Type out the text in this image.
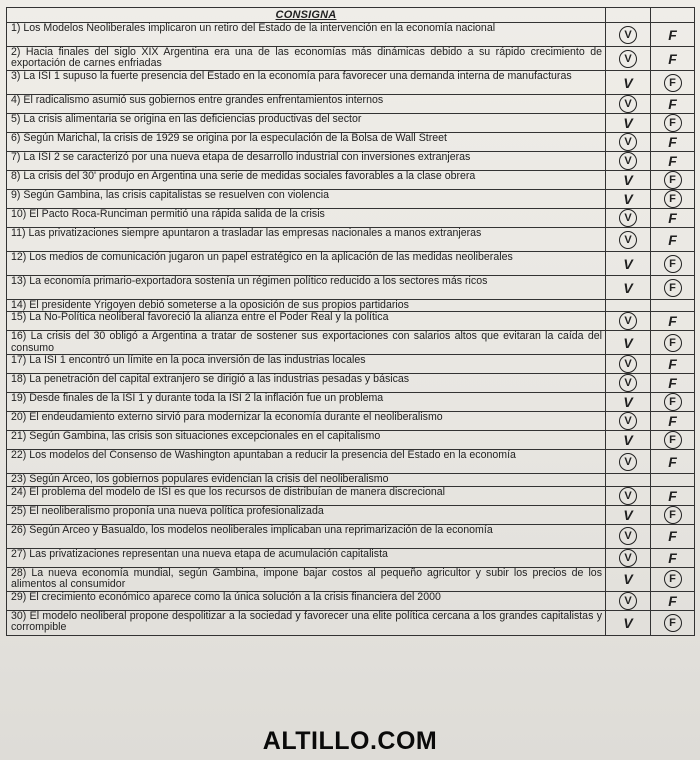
CONSIGNA		
1) Los Modelos Neoliberales implicaron un retiro del Estado de la intervención en la economía nacional	V	F
2) Hacia finales del siglo XIX Argentina era una de las economías más dinámicas debido a su rápido crecimiento de exportación de carnes enfriadas	V	F
3) La ISI 1 supuso la fuerte presencia del Estado en la economía para favorecer una demanda interna de manufacturas	V	F
4) El radicalismo asumió sus gobiernos entre grandes enfrentamientos internos	V	F
5) La crisis alimentaria se origina en las deficiencias productivas del sector	V	F
6) Según Marichal, la crisis de 1929 se origina por la especulación de la Bolsa de Wall Street	V	F
7) La ISI 2 se caracterizó por una nueva etapa de desarrollo industrial con inversiones extranjeras	V	F
8) La crisis del 30' produjo en Argentina una serie de medidas sociales favorables a la clase obrera	V	F
9) Según Gambina, las crisis capitalistas se resuelven con violencia	V	F
10) El Pacto Roca-Runciman permitió una rápida salida de la crisis	V	F
11) Las privatizaciones siempre apuntaron a trasladar las empresas nacionales a manos extranjeras	V	F
12) Los medios de comunicación jugaron un papel estratégico en la aplicación de las medidas neoliberales	V	F
13) La economía primario-exportadora sostenía un régimen político reducido a los sectores más ricos	V	F
14) El presidente Yrigoyen debió someterse a la oposición de sus propios partidarios		
15) La No-Política neoliberal favoreció la alianza entre el Poder Real y la política	V	F
16) La crisis del 30 obligó a Argentina a tratar de sostener sus exportaciones con salarios altos que evitaran la caída del consumo	V	F
17) La ISI 1 encontró un límite en la poca inversión de las industrias locales	V	F
18) La penetración del capital extranjero se dirigió a las industrias pesadas y básicas	V	F
19) Desde finales de la ISI 1 y durante toda la ISI 2 la inflación fue un problema	V	F
20) El endeudamiento externo sirvió para modernizar la economía durante el neoliberalismo	V	F
21) Según Gambina, las crisis son situaciones excepcionales en el capitalismo	V	F
22) Los modelos del Consenso de Washington apuntaban a reducir la presencia del Estado en la economía	V	F
23) Según Arceo, los gobiernos populares evidencian la crisis del neoliberalismo		
24) El problema del modelo de ISI es que los recursos de distribuían de manera discrecional	V	F
25) El neoliberalismo proponía una nueva política profesionalizada	V	F
26) Según Arceo y Basualdo, los modelos neoliberales implicaban una reprimarización de la economía	V	F
27) Las privatizaciones representan una nueva etapa de acumulación capitalista	V	F
28) La nueva economía mundial, según Gambina, impone bajar costos al pequeño agricultor y subir los precios de los alimentos al consumidor	V	F
29) El crecimiento económico aparece como la única solución a la crisis financiera del 2000	V	F
30) El modelo neoliberal propone despolitizar a la sociedad y favorecer una elite política cercana a los grandes capitalistas y corrompible	V	F
ALTILLO.COM
